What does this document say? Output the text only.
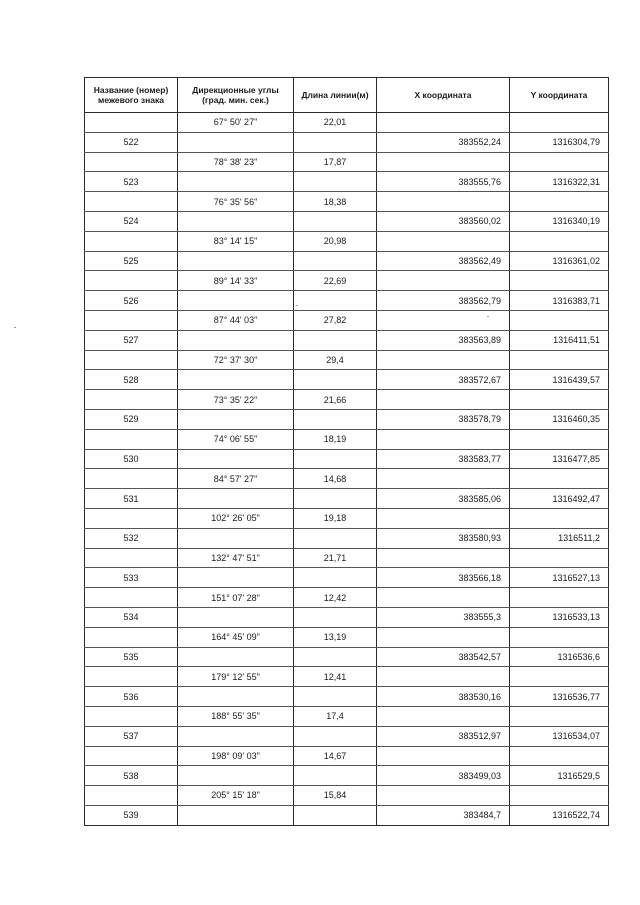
Название (номер)
межевого знака	Дирекционные углы
(град. мин. сек.)	Длина линии(м)	X координата	Y координата
	67° 50' 27"	22,01		
522			383552,24	1316304,79
	78° 38' 23"	17,87		
523			383555,76	1316322,31
	76° 35' 56"	18,38		
524			383560,02	1316340,19
	83° 14' 15"	20,98		
525			383562,49	1316361,02
	89° 14' 33"	22,69		
526			383562,79	1316383,71
	87° 44' 03"	27,82		
527			383563,89	1316411,51
	72° 37' 30"	29,4		
528			383572,67	1316439,57
	73° 35' 22"	21,66		
529			383578,79	1316460,35
	74° 06' 55"	18,19		
530			383583,77	1316477,85
	84° 57' 27"	14,68		
531			383585,06	1316492,47
	102° 26' 05"	19,18		
532			383580,93	1316511,2
	132° 47' 51"	21,71		
533			383566,18	1316527,13
	151° 07' 28"	12,42		
534			383555,3	1316533,13
	164° 45' 09"	13,19		
535			383542,57	1316536,6
	179° 12' 55"	12,41		
536			383530,16	1316536,77
	188° 55' 35"	17,4		
537			383512,97	1316534,07
	198° 09' 03"	14,67		
538			383499,03	1316529,5
	205° 15' 18"	15,84		
539			383484,7	1316522,74
